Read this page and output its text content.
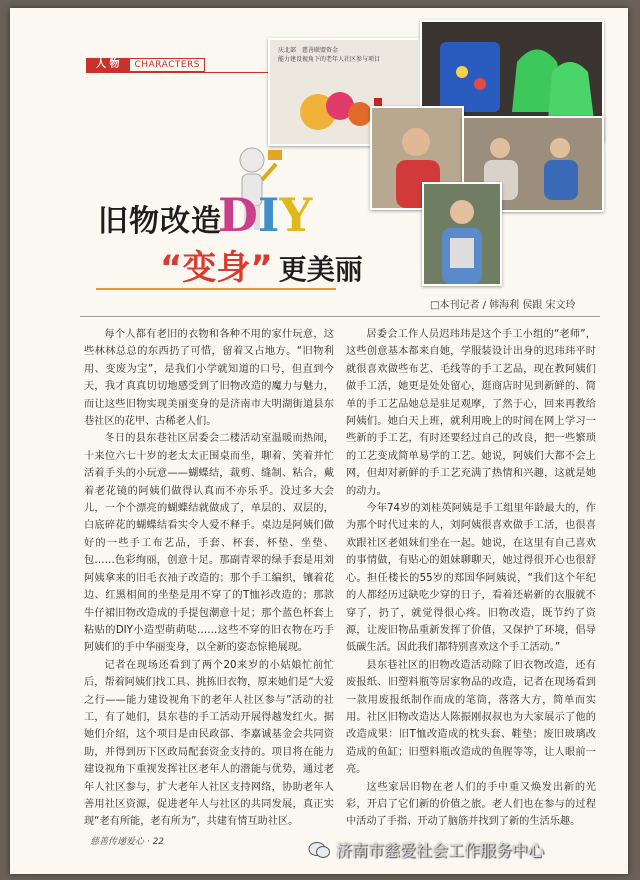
人 物	CHARACTERS
庆北部　慈善联盟资金
能力建设视角下的老年人社区参与项目
旧物改造
DIY
“变身” 更美丽
□本刊记者 / 韩海利 侯跟 宋文玲

每个人都有老旧的衣物和各种不用的家什玩意，这些林林总总的东西扔了可惜，留着又占地方。“旧物利用、变废为宝”，是我们小学就知道的口号，但直到今天，我才真真切切地感受到了旧物改造的魔力与魅力，而让这些旧物实现美丽变身的是济南市大明湖街道县东巷社区的花甲、古稀老人们。

冬日的县东巷社区居委会二楼活动室温暖而热闹，十来位六七十岁的老太太正围桌而坐，聊着、笑着并忙活着手头的小玩意——蝴蝶结，裁剪、缝制、粘合，戴着老花镜的阿姨们做得认真而不亦乐乎。没过多大会儿，一个个漂亮的蝴蝶结就做成了，单层的、双层的，白底碎花的蝴蝶结看实令人爱不释手。桌边是阿姨们做好的一些手工布艺品，手套、杯套、杯垫、坐垫、包……色彩绚丽，创意十足。那副青翠的绿手套是用刘阿姨拿来的旧毛衣袖子改造的；那个手工编织，镶着花边、红黑相间的坐垫是用不穿了的T恤衫改造的；那款牛仔裙旧物改造成的手提包潮意十足；那个蓝色杯套上粘贴的DIY小造型萌萌哒……这些不穿的旧衣物在巧手阿姨们的手中华丽变身，以全新的姿态惊艳展现。

记者在现场还看到了两个20来岁的小姑娘忙前忙后，帮着阿姨们找工具、挑拣旧衣物，原来她们是“大爱之行——能力建设视角下的老年人社区参与”活动的社工，有了她们，县东巷的手工活动开展得越发红火。据她们介绍，这个项目是由民政部、李嘉诚基金会共同资助，并得到历下区政局配套资金支持的。项目将在能力建设视角下重视发挥社区老年人的潜能与优势，通过老年人社区参与，扩大老年人社区支持网络，协助老年人善用社区资源，促进老年人与社区的共同发展，真正实现“老有所能，老有所为”，共建有情互助社区。

居委会工作人员迟玮玮是这个手工小组的“老师”，这些创意基本都来自她，学服装设计出身的迟玮玮平时就很喜欢做些布艺、毛线等的手工艺品，现在教阿姨们做手工活，她更是处处留心，逛商店时见到新鲜的、简单的手工艺品她总是驻足观摩，了然于心，回来再教给阿姨们。她白天上班，就利用晚上的时间在网上学习一些新的手工艺，有时还要经过自己的改良，把一些繁琐的工艺变成简单易学的工艺。她说，阿姨们大都不会上网，但却对新鲜的手工艺充满了热情和兴趣，这就是她的动力。

今年74岁的刘桂英阿姨是手工组里年龄最大的，作为那个时代过来的人，刘阿姨很喜欢做手工活，也很喜欢跟社区老姐妹们坐在一起。她说，在这里有自己喜欢的事情做，有贴心的姐妹聊聊天，她过得很开心也很舒心。担任楼长的55岁的郑国华阿姨说，“我们这个年纪的人都经历过缺吃少穿的日子，看着还崭新的衣服就不穿了，扔了，就觉得很心疼。旧物改造，既节约了资源，让废旧物品重新发挥了价值，又保护了环境，倡导低碳生活。因此我们都特别喜欢这个手工活动。”

县东巷社区的旧物改造活动除了旧衣物改造，还有废报纸、旧塑料瓶等居家物品的改造，记者在现场看到一款用废报纸制作而成的笔筒，落落大方，简单而实用。社区旧物改造达人陈振刚叔叔也为大家展示了他的改造成果：旧T恤改造成的枕头套、鞋垫；废旧玻璃改造成的鱼缸；旧塑料瓶改造成的鱼腥等等，让人眼前一亮。

这些家居旧物在老人们的手中重又焕发出新的光彩，开启了它们新的价值之旅。老人们也在参与的过程中活动了手指、开动了脑筋并找到了新的生活乐趣。

慈善传递爱心 · 22	济南市慈爱社会工作服务中心
